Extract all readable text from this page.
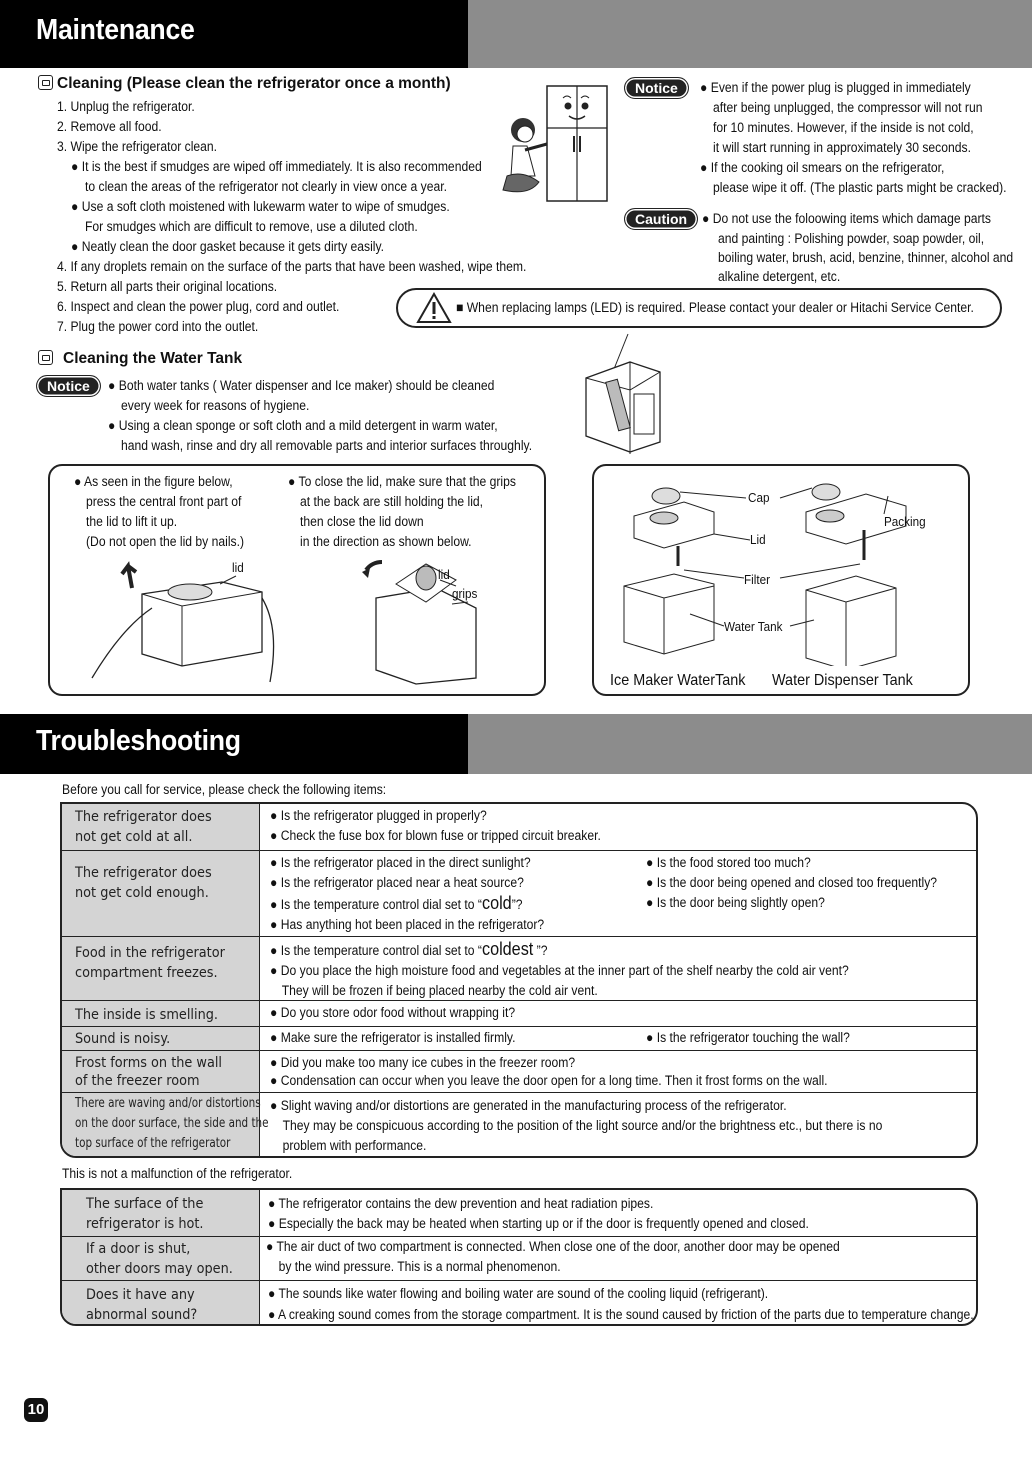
Maintenance
Cleaning (Please clean the refrigerator once a month)
1. Unplug the refrigerator.
2. Remove all food.
3. Wipe the refrigerator clean.
● It is the best if smudges are wiped off immediately. It is also recommended
to clean the areas of the refrigerator not clearly in view once a year.
● Use a soft cloth moistened with lukewarm water to wipe of smudges.
For smudges which are difficult to remove, use a diluted cloth.
● Neatly clean the door gasket because it gets dirty easily.
4. If any droplets remain on the surface of the parts that have been washed, wipe them.
5. Return all parts their original locations.
6. Inspect and clean the power plug, cord and outlet.
7. Plug the power cord into the outlet.
Notice	● Even if the power plug is plugged in immediately
after being unplugged, the compressor will not run
for 10 minutes. However, if the inside is not cold,
it will start running in approximately 30 seconds.
● If the cooking oil smears on the refrigerator,
please wipe it off. (The plastic parts might be cracked).
Caution	● Do not use the foloowing items which damage parts
and painting : Polishing powder, soap powder, oil,
boiling water, brush, acid, benzine, thinner, alcohol and
alkaline detergent, etc.
■ When replacing lamps (LED) is required. Please contact your dealer or Hitachi Service Center.
Cleaning the Water Tank
Notice	● Both water tanks ( Water dispenser and Ice maker) should be cleaned
every week for reasons of hygiene.
● Using a clean sponge or soft cloth and a mild detergent in warm water,
hand wash, rinse and dry all removable parts and interior surfaces throughly.
● As seen in the figure below,
press the central front part of
the lid to lift it up.
(Do not open the lid by nails.)
● To close the lid, make sure that the grips
at the back are still holding the lid,
then close the lid down
in the direction as shown below.
lid	lid
grips
Cap
Lid
Filter
Water Tank
Packing
Ice Maker WaterTank Water Dispenser Tank
Troubleshooting
Before you call for service, please check the following items:
The refrigerator does
not get cold at all.
● Is the refrigerator plugged in properly?
● Check the fuse box for blown fuse or tripped circuit breaker.
The refrigerator does
not get cold enough.
● Is the refrigerator placed in the direct sunlight?
● Is the refrigerator placed near a heat source?
● Is the temperature control dial set to “cold”?
● Has anything hot been placed in the refrigerator?
● Is the food stored too much?
● Is the door being opened and closed too frequently?
● Is the door being slightly open?
Food in the refrigerator
compartment freezes.
● Is the temperature control dial set to “coldest ”?
● Do you place the high moisture food and vegetables at the inner part of the shelf nearby the cold air vent?
They will be frozen if being placed nearby the cold air vent.
The inside is smelling.	● Do you store odor food without wrapping it?
Sound is noisy.	● Make sure the refrigerator is installed firmly.	● Is the refrigerator touching the wall?
Frost forms on the wall
of the freezer room
● Did you make too many ice cubes in the freezer room?
● Condensation can occur when you leave the door open for a long time. Then it frost forms on the wall.
There are waving and/or distortions
on the door surface, the side and the
top surface of the refrigerator
● Slight waving and/or distortions are generated in the manufacturing process of the refrigerator.
They may be conspicuous according to the position of the light source and/or the brightness etc., but there is no
problem with performance.
This is not a malfunction of the refrigerator.
The surface of the
refrigerator is hot.
● The refrigerator contains the dew prevention and heat radiation pipes.
● Especially the back may be heated when starting up or if the door is frequently opened and closed.
If a door is shut,
other doors may open.
● The air duct of two compartment is connected. When close one of the door, another door may be opened
by the wind pressure. This is a normal phenomenon.
Does it have any
abnormal sound?
● The sounds like water flowing and boiling water are sound of the cooling liquid (refrigerant).
● A creaking sound comes from the storage compartment. It is the sound caused by friction of the parts due to temperature change.
10
